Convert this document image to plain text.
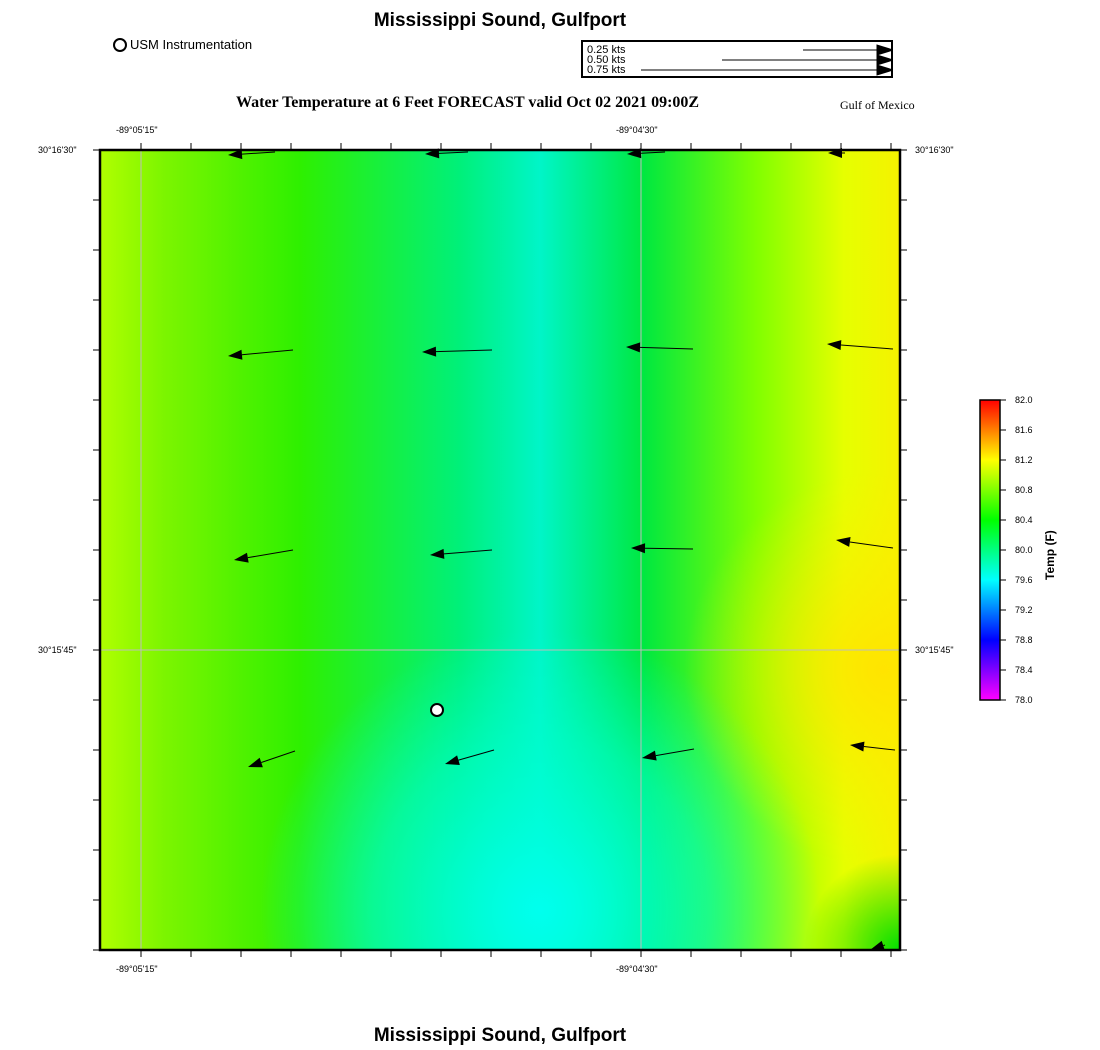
Mississippi Sound, Gulfport
USM Instrumentation	0.25 kts
0.50 kts
0.75 kts
Water Temperature at 6 Feet FORECAST valid Oct 02 2021 09:00Z	Gulf of Mexico
-89°05'15"	-89°04'30"
-89°05'15"	-89°04'30"
30°16'30"
30°15'45"
30°16'30"
30°15'45"
82.0
81.6
81.2
80.8
80.4
80.0
79.6
79.2
78.8
78.4
78.0
Temp (F)
Mississippi Sound, Gulfport
